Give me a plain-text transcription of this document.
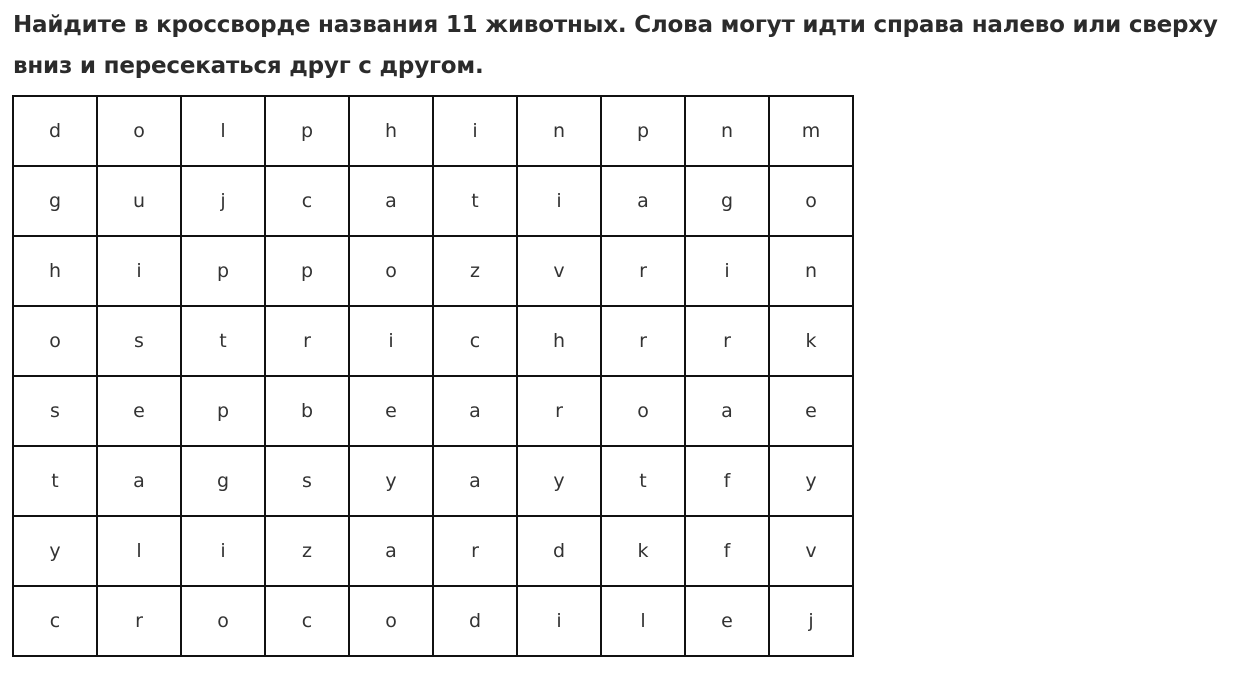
Найдите в кроссворде названия 11 животных. Слова могут идти справа налево или сверху вниз и пересекаться друг с другом.

d	o	l	p	h	i	n	p	n	m
g	u	j	c	a	t	i	a	g	o
h	i	p	p	o	z	v	r	i	n
o	s	t	r	i	c	h	r	r	k
s	e	p	b	e	a	r	o	a	e
t	a	g	s	y	a	y	t	f	y
y	l	i	z	a	r	d	k	f	v
c	r	o	c	o	d	i	l	e	j
